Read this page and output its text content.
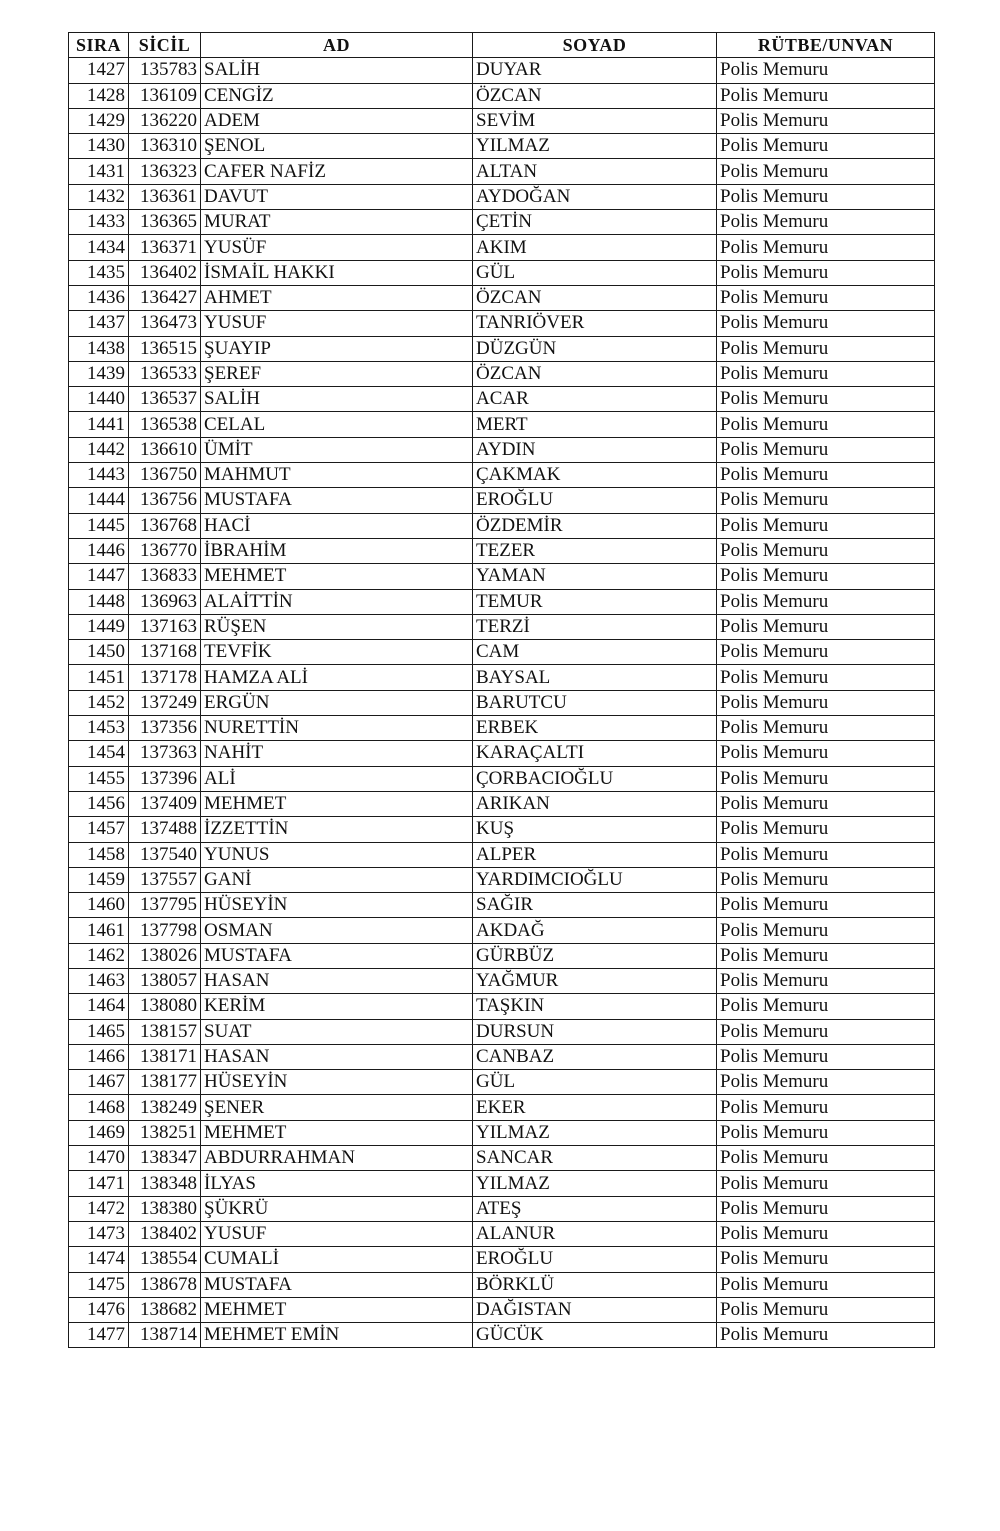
SIRA	SİCİL	AD	SOYAD	RÜTBE/UNVAN
1427	135783	SALİH	DUYAR	Polis Memuru
1428	136109	CENGİZ	ÖZCAN	Polis Memuru
1429	136220	ADEM	SEVİM	Polis Memuru
1430	136310	ŞENOL	YILMAZ	Polis Memuru
1431	136323	CAFER NAFİZ	ALTAN	Polis Memuru
1432	136361	DAVUT	AYDOĞAN	Polis Memuru
1433	136365	MURAT	ÇETİN	Polis Memuru
1434	136371	YUSÜF	AKIM	Polis Memuru
1435	136402	İSMAİL HAKKI	GÜL	Polis Memuru
1436	136427	AHMET	ÖZCAN	Polis Memuru
1437	136473	YUSUF	TANRIÖVER	Polis Memuru
1438	136515	ŞUAYIP	DÜZGÜN	Polis Memuru
1439	136533	ŞEREF	ÖZCAN	Polis Memuru
1440	136537	SALİH	ACAR	Polis Memuru
1441	136538	CELAL	MERT	Polis Memuru
1442	136610	ÜMİT	AYDIN	Polis Memuru
1443	136750	MAHMUT	ÇAKMAK	Polis Memuru
1444	136756	MUSTAFA	EROĞLU	Polis Memuru
1445	136768	HACİ	ÖZDEMİR	Polis Memuru
1446	136770	İBRAHİM	TEZER	Polis Memuru
1447	136833	MEHMET	YAMAN	Polis Memuru
1448	136963	ALAİTTİN	TEMUR	Polis Memuru
1449	137163	RÜŞEN	TERZİ	Polis Memuru
1450	137168	TEVFİK	CAM	Polis Memuru
1451	137178	HAMZA ALİ	BAYSAL	Polis Memuru
1452	137249	ERGÜN	BARUTCU	Polis Memuru
1453	137356	NURETTİN	ERBEK	Polis Memuru
1454	137363	NAHİT	KARAÇALTI	Polis Memuru
1455	137396	ALİ	ÇORBACIOĞLU	Polis Memuru
1456	137409	MEHMET	ARIKAN	Polis Memuru
1457	137488	İZZETTİN	KUŞ	Polis Memuru
1458	137540	YUNUS	ALPER	Polis Memuru
1459	137557	GANİ	YARDIMCIOĞLU	Polis Memuru
1460	137795	HÜSEYİN	SAĞIR	Polis Memuru
1461	137798	OSMAN	AKDAĞ	Polis Memuru
1462	138026	MUSTAFA	GÜRBÜZ	Polis Memuru
1463	138057	HASAN	YAĞMUR	Polis Memuru
1464	138080	KERİM	TAŞKIN	Polis Memuru
1465	138157	SUAT	DURSUN	Polis Memuru
1466	138171	HASAN	CANBAZ	Polis Memuru
1467	138177	HÜSEYİN	GÜL	Polis Memuru
1468	138249	ŞENER	EKER	Polis Memuru
1469	138251	MEHMET	YILMAZ	Polis Memuru
1470	138347	ABDURRAHMAN	SANCAR	Polis Memuru
1471	138348	İLYAS	YILMAZ	Polis Memuru
1472	138380	ŞÜKRÜ	ATEŞ	Polis Memuru
1473	138402	YUSUF	ALANUR	Polis Memuru
1474	138554	CUMALİ	EROĞLU	Polis Memuru
1475	138678	MUSTAFA	BÖRKLÜ	Polis Memuru
1476	138682	MEHMET	DAĞISTAN	Polis Memuru
1477	138714	MEHMET EMİN	GÜCÜK	Polis Memuru
